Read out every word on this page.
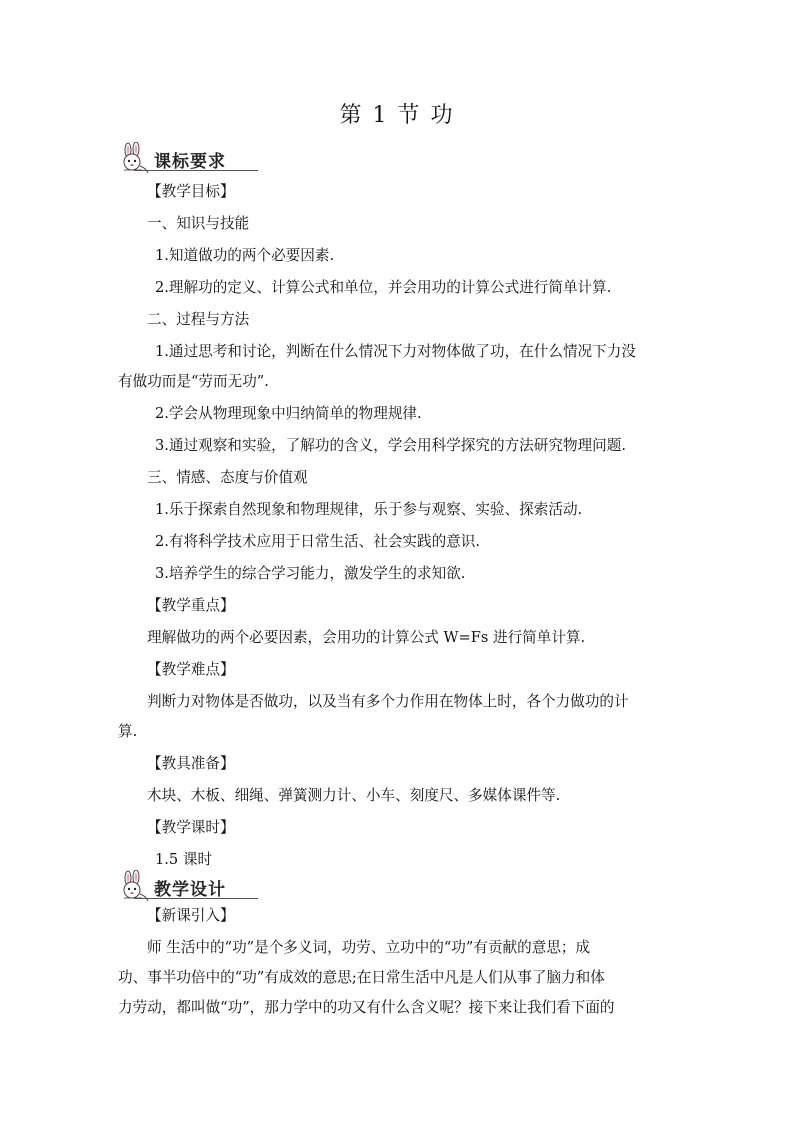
第 1 节 功
课标要求
【教学目标】
一、知识与技能
1.知道做功的两个必要因素.
2.理解功的定义、计算公式和单位，并会用功的计算公式进行简单计算.
二、过程与方法
1.通过思考和讨论，判断在什么情况下力对物体做了功，在什么情况下力没
有做功而是“劳而无功”.
2.学会从物理现象中归纳简单的物理规律.
3.通过观察和实验，了解功的含义，学会用科学探究的方法研究物理问题.
三、情感、态度与价值观
1.乐于探索自然现象和物理规律，乐于参与观察、实验、探索活动.
2.有将科学技术应用于日常生活、社会实践的意识.
3.培养学生的综合学习能力，激发学生的求知欲.
【教学重点】
理解做功的两个必要因素，会用功的计算公式 W=Fs 进行简单计算.
【教学难点】
判断力对物体是否做功，以及当有多个力作用在物体上时，各个力做功的计
算.
【教具准备】
木块、木板、细绳、弹簧测力计、小车、刻度尺、多媒体课件等.
【教学课时】
1.5 课时
教学设计
【新课引入】
师 生活中的“功”是个多义词，功劳、立功中的“功”有贡献的意思；成
功、事半功倍中的“功”有成效的意思;在日常生活中凡是人们从事了脑力和体
力劳动，都叫做“功”，那力学中的功又有什么含义呢？接下来让我们看下面的
